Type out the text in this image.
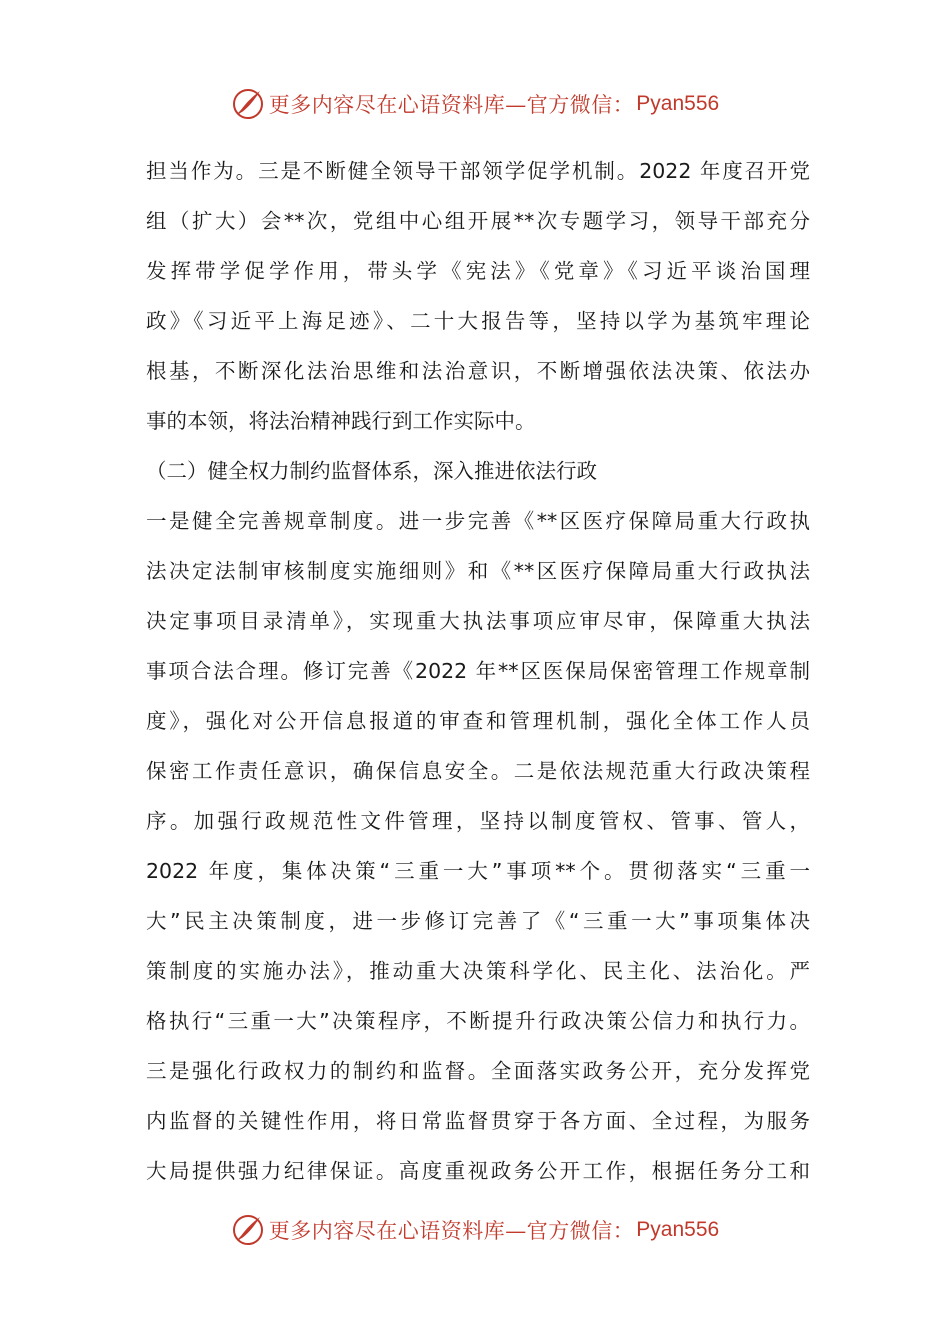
更多内容尽在心语资料库—官方微信： Pyan556
担当作为。三是不断健全领导干部领学促学机制。2022 年度召开党
组（扩大）会**次，党组中心组开展**次专题学习，领导干部充分
发挥带学促学作用，带头学《宪法》《党章》《习近平谈治国理
政》《习近平上海足迹》、二十大报告等，坚持以学为基筑牢理论
根基，不断深化法治思维和法治意识，不断增强依法决策、依法办
事的本领，将法治精神践行到工作实际中。
（二）健全权力制约监督体系，深入推进依法行政
一是健全完善规章制度。进一步完善《**区医疗保障局重大行政执
法决定法制审核制度实施细则》和《**区医疗保障局重大行政执法
决定事项目录清单》，实现重大执法事项应审尽审，保障重大执法
事项合法合理。修订完善《2022 年**区医保局保密管理工作规章制
度》，强化对公开信息报道的审查和管理机制，强化全体工作人员
保密工作责任意识，确保信息安全。二是依法规范重大行政决策程
序。加强行政规范性文件管理，坚持以制度管权、管事、管人，
2022 年度，集体决策“三重一大”事项**个。贯彻落实“三重一
大”民主决策制度，进一步修订完善了《“三重一大”事项集体决
策制度的实施办法》，推动重大决策科学化、民主化、法治化。严
格执行“三重一大”决策程序，不断提升行政决策公信力和执行力。
三是强化行政权力的制约和监督。全面落实政务公开，充分发挥党
内监督的关键性作用，将日常监督贯穿于各方面、全过程，为服务
大局提供强力纪律保证。高度重视政务公开工作，根据任务分工和
更多内容尽在心语资料库—官方微信： Pyan556
